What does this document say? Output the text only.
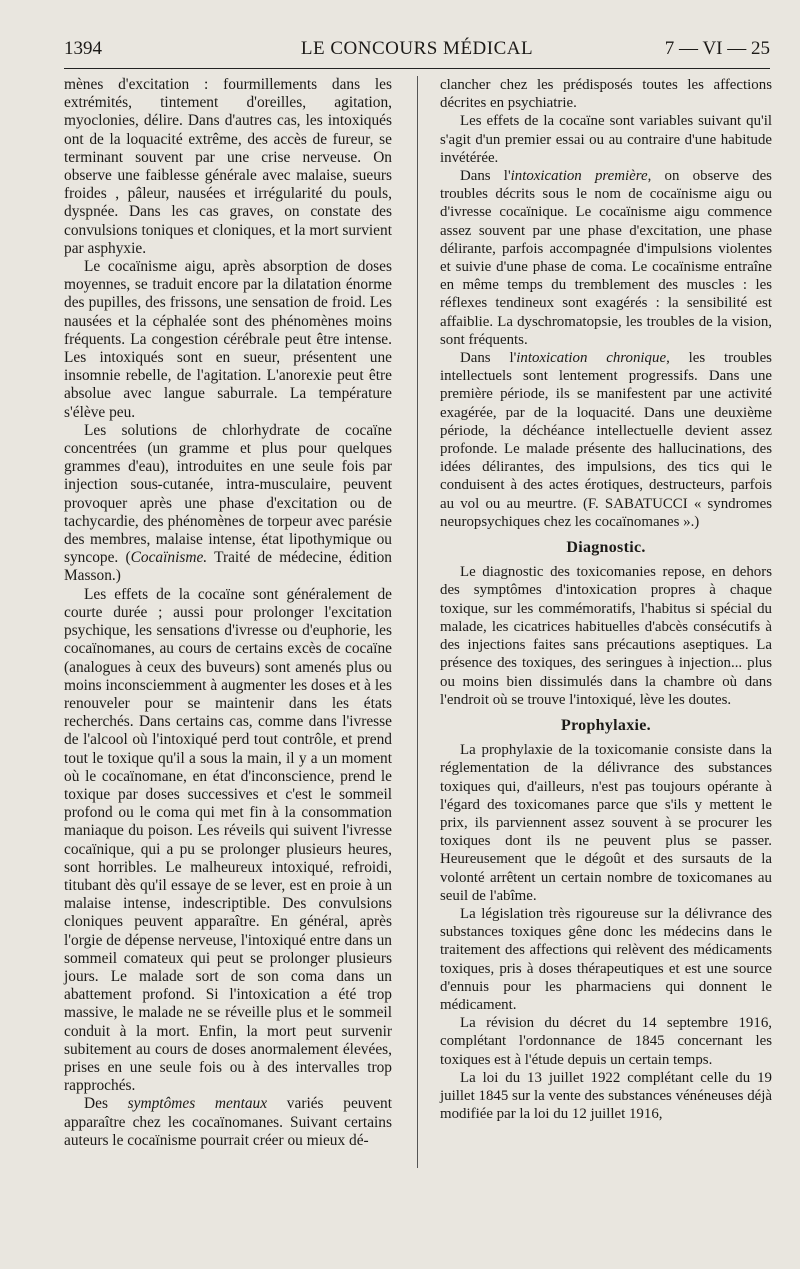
1394	LE CONCOURS MÉDICAL	7 — VI — 25

mènes d'excitation : fourmillements dans les extrémités, tintement d'oreilles, agitation, myoclonies, délire. Dans d'autres cas, les intoxiqués ont de la loquacité extrême, des accès de fureur, se terminant souvent par une crise nerveuse. On observe une faiblesse générale avec malaise, sueurs froides , pâleur, nausées et irrégularité du pouls, dyspnée. Dans les cas graves, on constate des convulsions toniques et cloniques, et la mort survient par asphyxie.

Le cocaïnisme aigu, après absorption de doses moyennes, se traduit encore par la dilatation énorme des pupilles, des frissons, une sensation de froid. Les nausées et la céphalée sont des phénomènes moins fréquents. La congestion cérébrale peut être intense. Les intoxiqués sont en sueur, présentent une insomnie rebelle, de l'agitation. L'anorexie peut être absolue avec langue saburrale. La température s'élève peu.

Les solutions de chlorhydrate de cocaïne concentrées (un gramme et plus pour quelques grammes d'eau), introduites en une seule fois par injection sous-cutanée, intra-musculaire, peuvent provoquer après une phase d'excitation ou de tachycardie, des phénomènes de torpeur avec parésie des membres, malaise intense, état lipothymique ou syncope. (Cocaïnisme. Traité de médecine, édition Masson.)

Les effets de la cocaïne sont généralement de courte durée ; aussi pour prolonger l'excitation psychique, les sensations d'ivresse ou d'euphorie, les cocaïnomanes, au cours de certains excès de cocaïne (analogues à ceux des buveurs) sont amenés plus ou moins inconsciemment à augmenter les doses et à les renouveler pour se maintenir dans les états recherchés. Dans certains cas, comme dans l'ivresse de l'alcool où l'intoxiqué perd tout contrôle, et prend tout le toxique qu'il a sous la main, il y a un moment où le cocaïnomane, en état d'inconscience, prend le toxique par doses successives et c'est le sommeil profond ou le coma qui met fin à la consommation maniaque du poison. Les réveils qui suivent l'ivresse cocaïnique, qui a pu se prolonger plusieurs heures, sont horribles. Le malheureux intoxiqué, refroidi, titubant dès qu'il essaye de se lever, est en proie à un malaise intense, indescriptible. Des convulsions cloniques peuvent apparaître. En général, après l'orgie de dépense nerveuse, l'intoxiqué entre dans un sommeil comateux qui peut se prolonger plusieurs jours. Le malade sort de son coma dans un abattement profond. Si l'intoxication a été trop massive, le malade ne se réveille plus et le sommeil conduit à la mort. Enfin, la mort peut survenir subitement au cours de doses anormalement élevées, prises en une seule fois ou à des intervalles trop rapprochés.

Des symptômes mentaux variés peuvent apparaître chez les cocaïnomanes. Suivant certains auteurs le cocaïnisme pourrait créer ou mieux dé-

clancher chez les prédisposés toutes les affections décrites en psychiatrie.

Les effets de la cocaïne sont variables suivant qu'il s'agit d'un premier essai ou au contraire d'une habitude invétérée.

Dans l'intoxication première, on observe des troubles décrits sous le nom de cocaïnisme aigu ou d'ivresse cocaïnique. Le cocaïnisme aigu commence assez souvent par une phase d'excitation, une phase délirante, parfois accompagnée d'impulsions violentes et suivie d'une phase de coma. Le cocaïnisme entraîne en même temps du tremblement des muscles : les réflexes tendineux sont exagérés : la sensibilité est affaiblie. La dyschromatopsie, les troubles de la vision, sont fréquents.

Dans l'intoxication chronique, les troubles intellectuels sont lentement progressifs. Dans une première période, ils se manifestent par une activité exagérée, par de la loquacité. Dans une deuxième période, la déchéance intellectuelle devient assez profonde. Le malade présente des hallucinations, des idées délirantes, des impulsions, des tics qui le conduisent à des actes érotiques, destructeurs, parfois au vol ou au meurtre. (F. SABATUCCI « syndromes neuropsychiques chez les cocaïnomanes ».)

Diagnostic.

Le diagnostic des toxicomanies repose, en dehors des symptômes d'intoxication propres à chaque toxique, sur les commémoratifs, l'habitus si spécial du malade, les cicatrices habituelles d'abcès consécutifs à des injections faites sans précautions aseptiques. La présence des toxiques, des seringues à injection... plus ou moins bien dissimulés dans la chambre où dans l'endroit où se trouve l'intoxiqué, lève les doutes.

Prophylaxie.

La prophylaxie de la toxicomanie consiste dans la réglementation de la délivrance des substances toxiques qui, d'ailleurs, n'est pas toujours opérante à l'égard des toxicomanes parce que s'ils y mettent le prix, ils parviennent assez souvent à se procurer les toxiques dont ils ne peuvent plus se passer. Heureusement que le dégoût et des sursauts de la volonté arrêtent un certain nombre de toxicomanes au seuil de l'abîme.

La législation très rigoureuse sur la délivrance des substances toxiques gêne donc les médecins dans le traitement des affections qui relèvent des médicaments toxiques, pris à doses thérapeutiques et est une source d'ennuis pour les pharmaciens qui donnent le médicament.

La révision du décret du 14 septembre 1916, complétant l'ordonnance de 1845 concernant les toxiques est à l'étude depuis un certain temps.

La loi du 13 juillet 1922 complétant celle du 19 juillet 1845 sur la vente des substances vénéneuses déjà modifiée par la loi du 12 juillet 1916,
